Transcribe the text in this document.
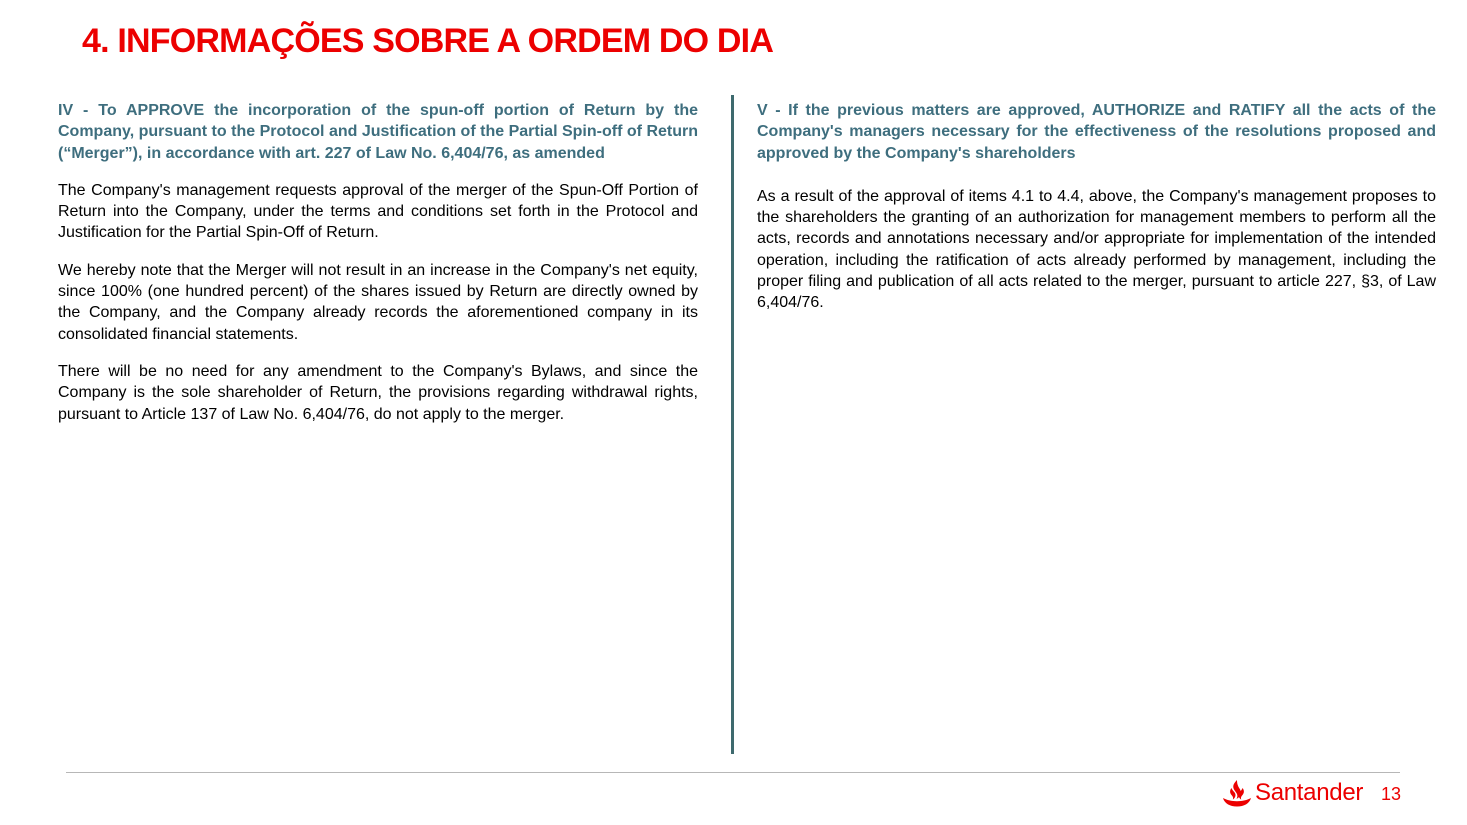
4. INFORMAÇÕES SOBRE A ORDEM DO DIA

IV - To APPROVE the incorporation of the spun-off portion of Return by the Company, pursuant to the Protocol and Justification of the Partial Spin-off of Return (“Merger”), in accordance with art. 227 of Law No. 6,404/76, as amended

The Company's management requests approval of the merger of the Spun-Off Portion of Return into the Company, under the terms and conditions set forth in the Protocol and Justification for the Partial Spin-Off of Return.

We hereby note that the Merger will not result in an increase in the Company's net equity, since 100% (one hundred percent) of the shares issued by Return are directly owned by the Company, and the Company already records the aforementioned company in its consolidated financial statements.

There will be no need for any amendment to the Company's Bylaws, and since the Company is the sole shareholder of Return, the provisions regarding withdrawal rights, pursuant to Article 137 of Law No. 6,404/76, do not apply to the merger.

V - If the previous matters are approved, AUTHORIZE and RATIFY all the acts of the Company's managers necessary for the effectiveness of the resolutions proposed and approved by the Company's shareholders

As a result of the approval of items 4.1 to 4.4, above, the Company's management proposes to the shareholders the granting of an authorization for management members to perform all the acts, records and annotations necessary and/or appropriate for implementation of the intended operation, including the ratification of acts already performed by management, including the proper filing and publication of all acts related to the merger, pursuant to article 227, §3, of Law 6,404/76.

Santander 13
